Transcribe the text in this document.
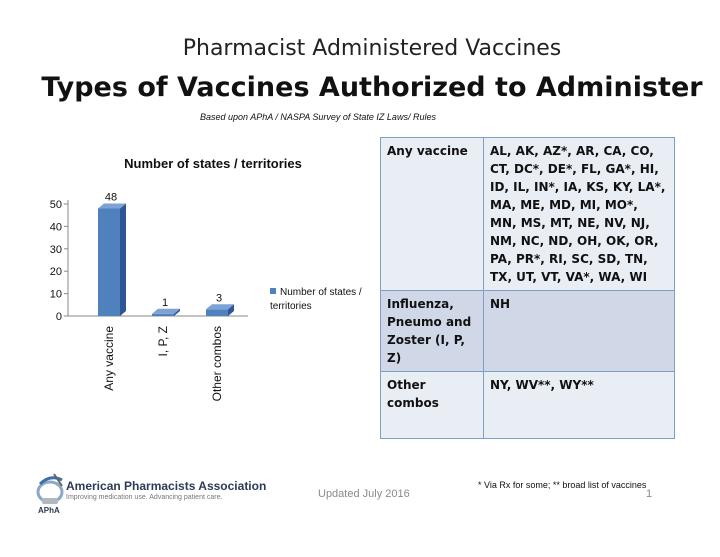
Pharmacist Administered Vaccines
Types of Vaccines Authorized to Administer
Based upon APhA / NASPA Survey of State IZ Laws/ Rules
Number of states / territories
0
10
20
30
40
50
48
Any vaccine
1
I, P, Z
3
Other combos
Number of states / territories
Any vaccine	AL, AK, AZ*, AR, CA, CO, CT, DC*, DE*, FL, GA*, HI, ID, IL, IN*, IA, KS, KY, LA*, MA, ME, MD, MI, MO*, MN, MS, MT, NE, NV, NJ, NM, NC, ND, OH, OK, OR, PA, PR*, RI, SC, SD, TN, TX, UT, VT, VA*, WA, WI
Influenza, Pneumo and Zoster (I, P, Z)	NH
Other combos	NY, WV**, WY**
American Pharmacists Association
Improving medication use. Advancing patient care.
APhA
Updated July 2016
* Via Rx for some; ** broad list of vaccines
1
